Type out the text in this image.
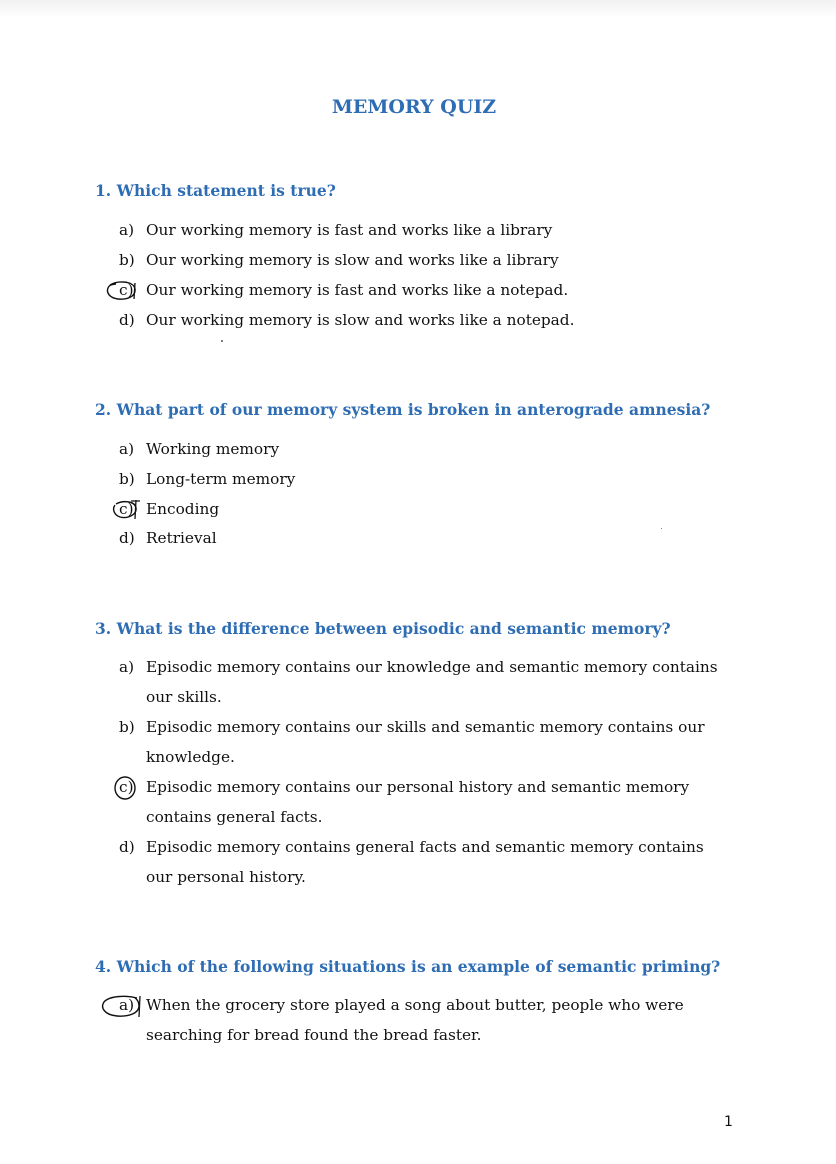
MEMORY QUIZ
1. Which statement is true?
a) Our working memory is fast and works like a library
b) Our working memory is slow and works like a library
c) Our working memory is fast and works like a notepad.
d) Our working memory is slow and works like a notepad.
2. What part of our memory system is broken in anterograde amnesia?
a) Working memory
b) Long-term memory
c) Encoding
d) Retrieval
3. What is the difference between episodic and semantic memory?
a) Episodic memory contains our knowledge and semantic memory contains our skills.
b) Episodic memory contains our skills and semantic memory contains our knowledge.
c) Episodic memory contains our personal history and semantic memory contains general facts.
d) Episodic memory contains general facts and semantic memory contains our personal history.
4. Which of the following situations is an example of semantic priming?
a) When the grocery store played a song about butter, people who were searching for bread found the bread faster.
1
